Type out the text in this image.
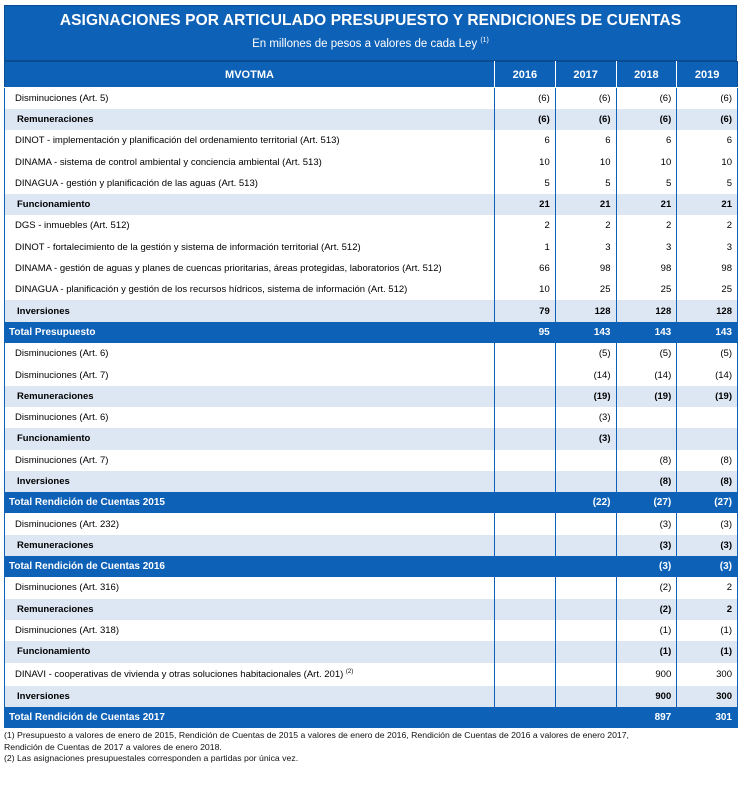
ASIGNACIONES POR ARTICULADO PRESUPUESTO Y RENDICIONES DE CUENTAS
En millones de pesos a valores de cada Ley $^{(1)}$
MVOTMA	2016	2017	2018	2019
Disminuciones (Art. 5)	(6)	(6)	(6)	(6)
Remuneraciones	(6)	(6)	(6)	(6)
DINOT - implementación y planificación del ordenamiento territorial (Art. 513)	6	6	6	6
DINAMA - sistema de control ambiental y conciencia ambiental (Art. 513)	10	10	10	10
DINAGUA - gestión y planificación de las aguas (Art. 513)	5	5	5	5
Funcionamiento	21	21	21	21
DGS - inmuebles (Art. 512)	2	2	2	2
DINOT - fortalecimiento de la gestión y sistema de información territorial (Art. 512)	1	3	3	3
DINAMA - gestión de aguas y planes de cuencas prioritarias, áreas protegidas, laboratorios (Art. 512)	66	98	98	98
DINAGUA - planificación y gestión de los recursos hídricos, sistema de información (Art. 512)	10	25	25	25
Inversiones	79	128	128	128
Total Presupuesto	95	143	143	143
Disminuciones (Art. 6)		(5)	(5)	(5)
Disminuciones (Art. 7)		(14)	(14)	(14)
Remuneraciones		(19)	(19)	(19)
Disminuciones (Art. 6)		(3)		
Funcionamiento		(3)		
Disminuciones (Art. 7)			(8)	(8)
Inversiones			(8)	(8)
Total Rendición de Cuentas 2015		(22)	(27)	(27)
Disminuciones (Art. 232)			(3)	(3)
Remuneraciones			(3)	(3)
Total Rendición de Cuentas 2016			(3)	(3)
Disminuciones (Art. 316)			(2)	2
Remuneraciones			(2)	2
Disminuciones (Art. 318)			(1)	(1)
Funcionamiento			(1)	(1)
DINAVI - cooperativas de vivienda y otras soluciones habitacionales (Art. 201) $^{(2)}$			900	300
Inversiones			900	300
Total Rendición de Cuentas 2017			897	301
(1) Presupuesto a valores de enero de 2015, Rendición de Cuentas de 2015 a valores de enero de 2016, Rendición de Cuentas de 2016 a valores de enero 2017,
Rendición de Cuentas de 2017 a valores de enero 2018.
(2) Las asignaciones presupuestales corresponden a partidas por única vez.
